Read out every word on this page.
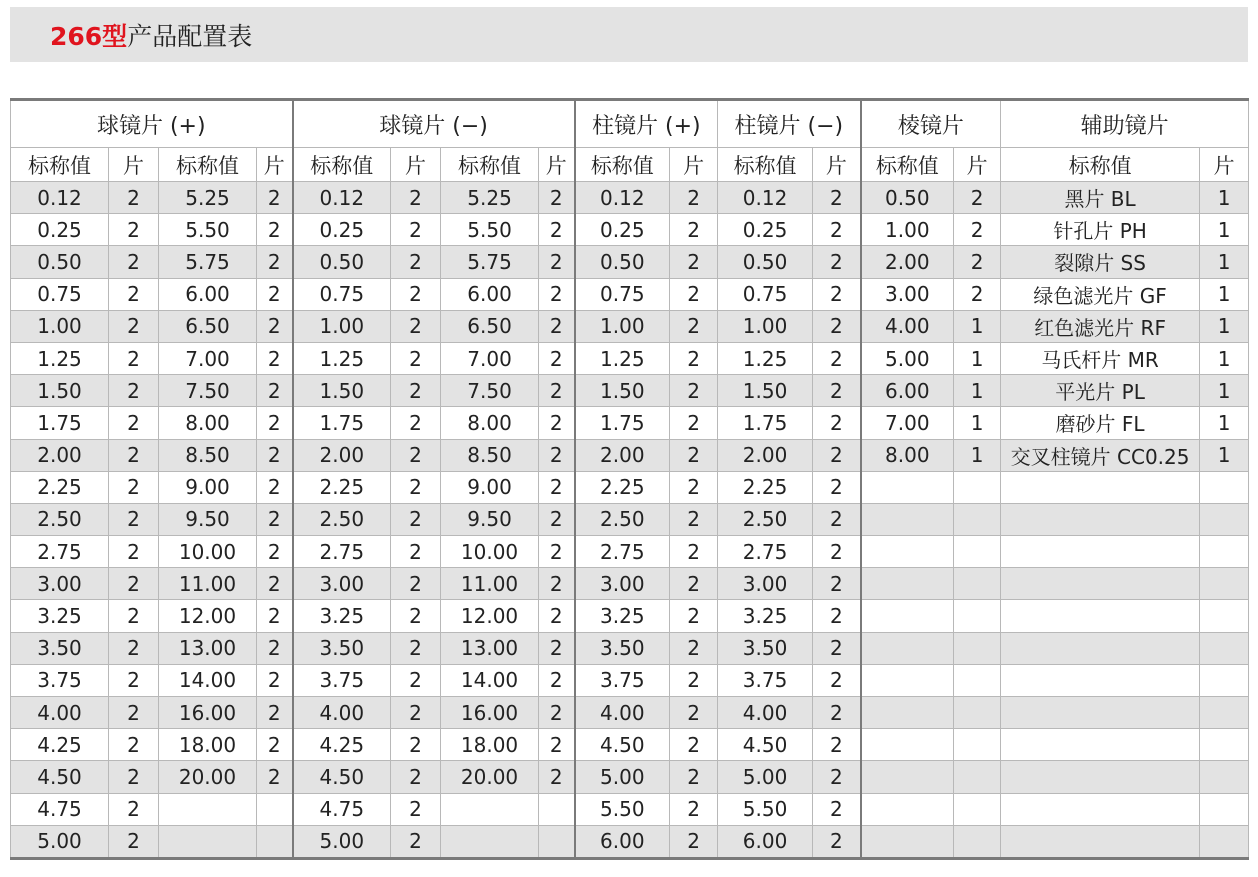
266型 产品配置表
球镜片 (+)				球镜片 (−)				柱镜片 (+)		柱镜片 (−)		棱镜片		辅助镜片	
标称值	片	标称值	片	标称值	片	标称值	片	标称值	片	标称值	片	标称值	片	标称值	片
0.12	2	5.25	2	0.12	2	5.25	2	0.12	2	0.12	2	0.50	2	黑片 BL	1
0.25	2	5.50	2	0.25	2	5.50	2	0.25	2	0.25	2	1.00	2	针孔片 PH	1
0.50	2	5.75	2	0.50	2	5.75	2	0.50	2	0.50	2	2.00	2	裂隙片 SS	1
0.75	2	6.00	2	0.75	2	6.00	2	0.75	2	0.75	2	3.00	2	绿色滤光片 GF	1
1.00	2	6.50	2	1.00	2	6.50	2	1.00	2	1.00	2	4.00	1	红色滤光片 RF	1
1.25	2	7.00	2	1.25	2	7.00	2	1.25	2	1.25	2	5.00	1	马氏杆片 MR	1
1.50	2	7.50	2	1.50	2	7.50	2	1.50	2	1.50	2	6.00	1	平光片 PL	1
1.75	2	8.00	2	1.75	2	8.00	2	1.75	2	1.75	2	7.00	1	磨砂片 FL	1
2.00	2	8.50	2	2.00	2	8.50	2	2.00	2	2.00	2	8.00	1	交叉柱镜片 CC0.25	1
2.25	2	9.00	2	2.25	2	9.00	2	2.25	2	2.25	2				
2.50	2	9.50	2	2.50	2	9.50	2	2.50	2	2.50	2				
2.75	2	10.00	2	2.75	2	10.00	2	2.75	2	2.75	2				
3.00	2	11.00	2	3.00	2	11.00	2	3.00	2	3.00	2				
3.25	2	12.00	2	3.25	2	12.00	2	3.25	2	3.25	2				
3.50	2	13.00	2	3.50	2	13.00	2	3.50	2	3.50	2				
3.75	2	14.00	2	3.75	2	14.00	2	3.75	2	3.75	2				
4.00	2	16.00	2	4.00	2	16.00	2	4.00	2	4.00	2				
4.25	2	18.00	2	4.25	2	18.00	2	4.50	2	4.50	2				
4.50	2	20.00	2	4.50	2	20.00	2	5.00	2	5.00	2				
4.75	2			4.75	2			5.50	2	5.50	2				
5.00	2			5.00	2			6.00	2	6.00	2				
